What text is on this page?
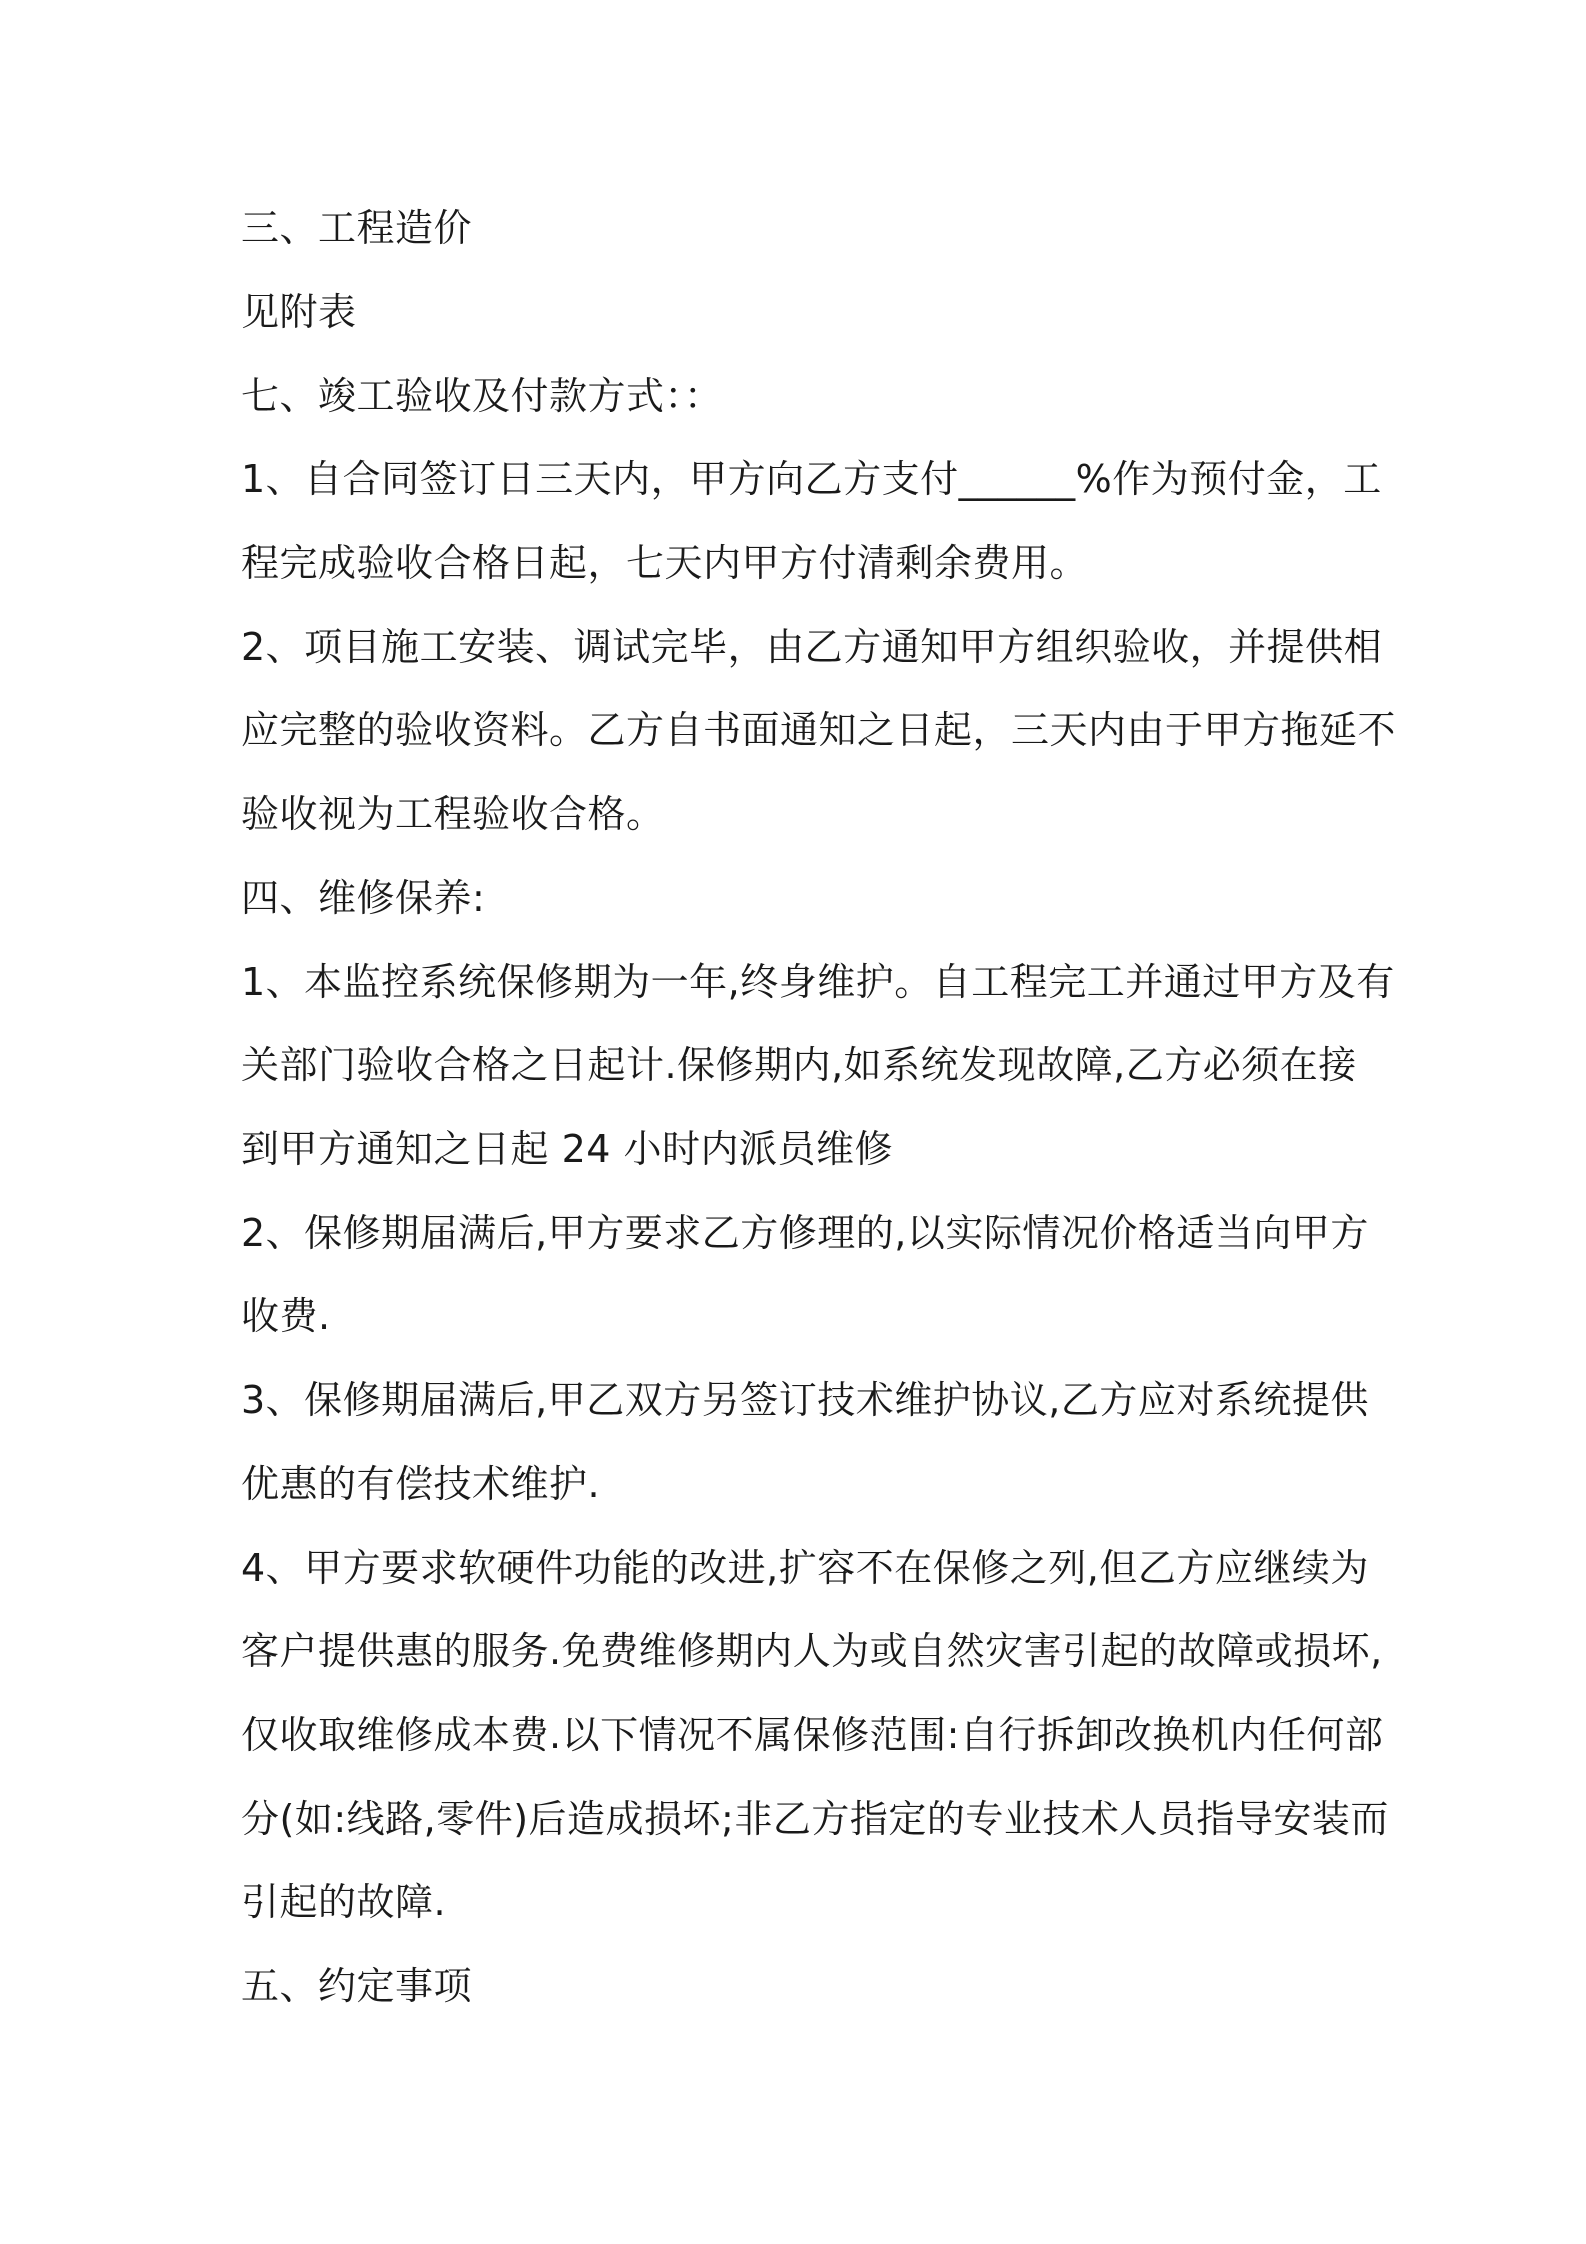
三、工程造价
见附表
七、竣工验收及付款方式：：
1、自合同签订日三天内，甲方向乙方支付______%作为预付金，工
程完成验收合格日起，七天内甲方付清剩余费用。
2、项目施工安装、调试完毕，由乙方通知甲方组织验收，并提供相
应完整的验收资料。乙方自书面通知之日起，三天内由于甲方拖延不
验收视为工程验收合格。
四、维修保养:
1、本监控系统保修期为一年,终身维护。自工程完工并通过甲方及有
关部门验收合格之日起计.保修期内,如系统发现故障,乙方必须在接
到甲方通知之日起 24 小时内派员维修
2、保修期届满后,甲方要求乙方修理的,以实际情况价格适当向甲方
收费.
3、保修期届满后,甲乙双方另签订技术维护协议,乙方应对系统提供
优惠的有偿技术维护.
4、甲方要求软硬件功能的改进,扩容不在保修之列,但乙方应继续为
客户提供惠的服务.免费维修期内人为或自然灾害引起的故障或损坏,
仅收取维修成本费.以下情况不属保修范围:自行拆卸改换机内任何部
分(如:线路,零件)后造成损坏;非乙方指定的专业技术人员指导安装而
引起的故障.
五、约定事项
